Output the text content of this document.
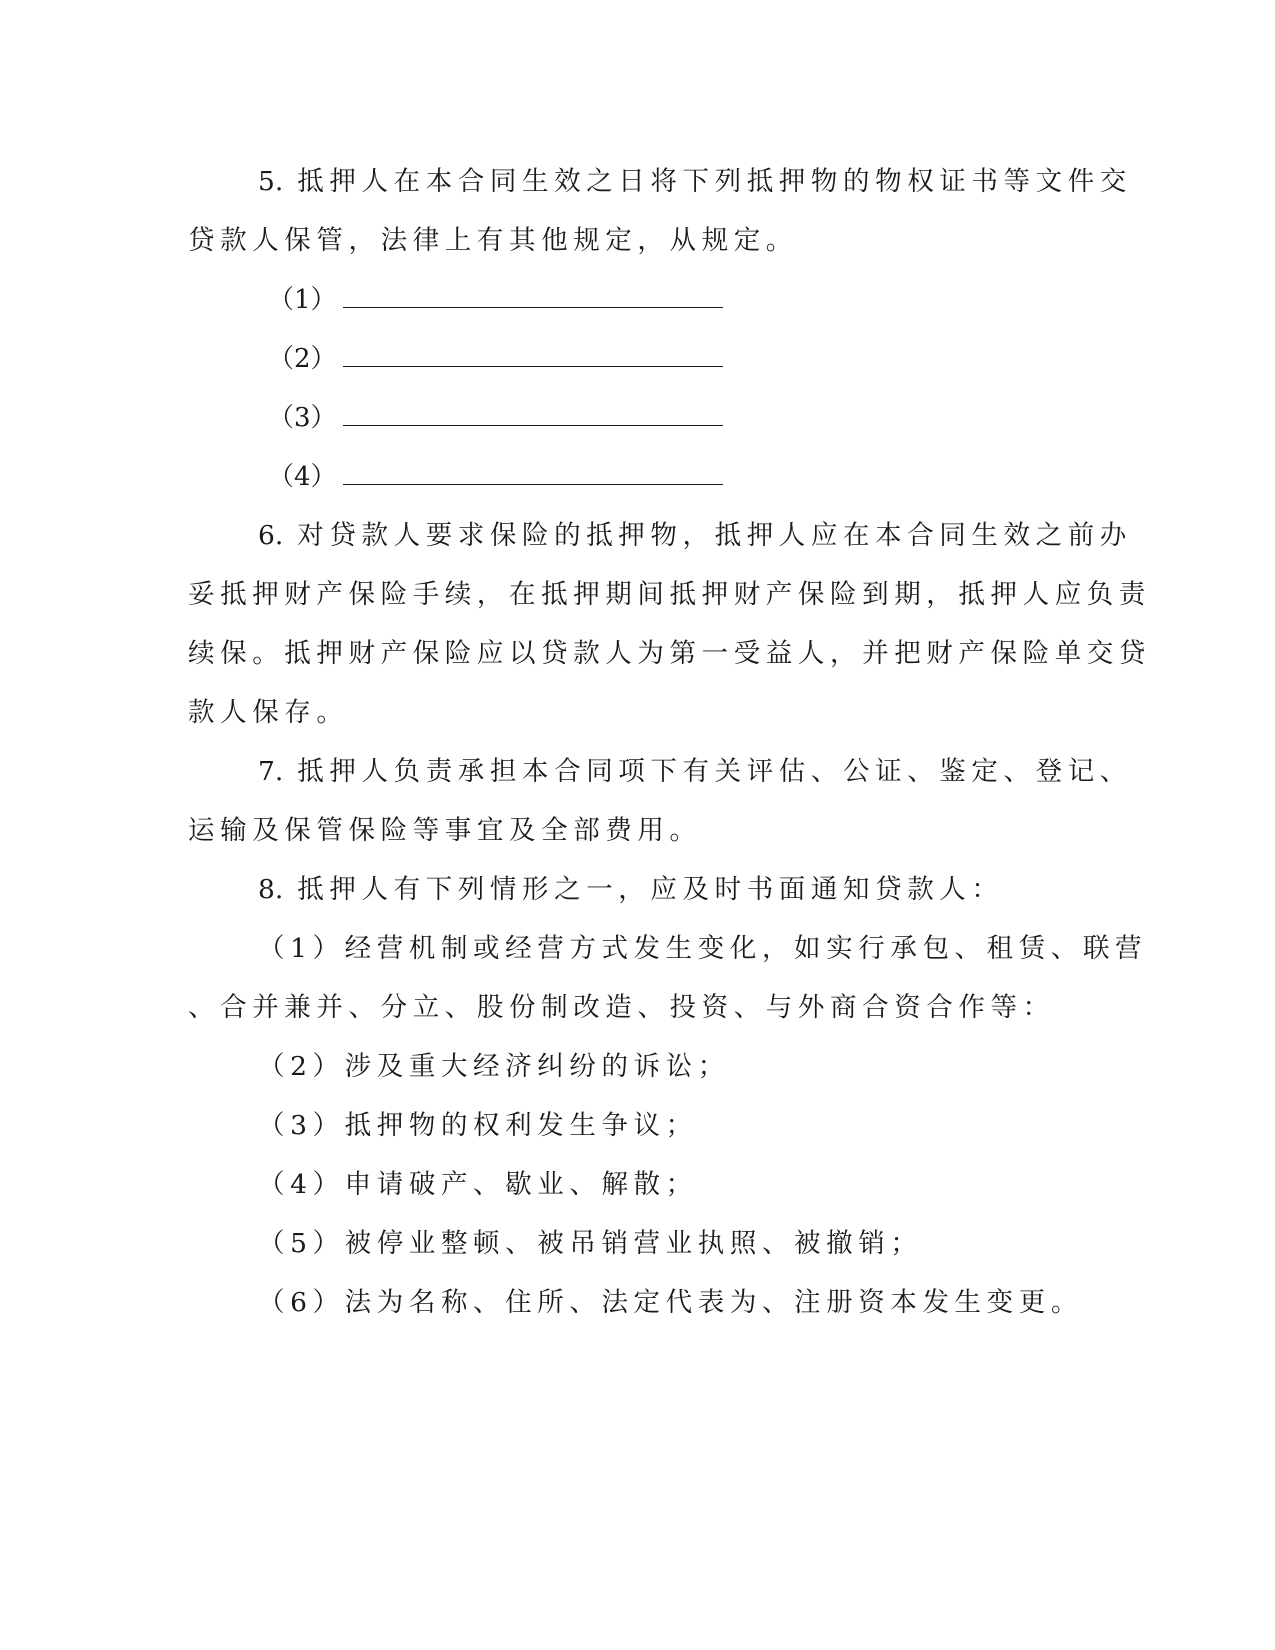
5. 抵押人在本合同生效之日将下列抵押物的物权证书等文件交
贷款人保管，法律上有其他规定，从规定。
（1）
（2）
（3）
（4）
6. 对贷款人要求保险的抵押物，抵押人应在本合同生效之前办
妥抵押财产保险手续，在抵押期间抵押财产保险到期，抵押人应负责
续保。抵押财产保险应以贷款人为第一受益人，并把财产保险单交贷
款人保存。
7. 抵押人负责承担本合同项下有关评估、公证、鉴定、登记、
运输及保管保险等事宜及全部费用。
8. 抵押人有下列情形之一，应及时书面通知贷款人：
（1）经营机制或经营方式发生变化，如实行承包、租赁、联营
、合并兼并、分立、股份制改造、投资、与外商合资合作等：
（2）涉及重大经济纠纷的诉讼；
（3）抵押物的权利发生争议；
（4）申请破产、歇业、解散；
（5）被停业整顿、被吊销营业执照、被撤销；
（6）法为名称、住所、法定代表为、注册资本发生变更。
